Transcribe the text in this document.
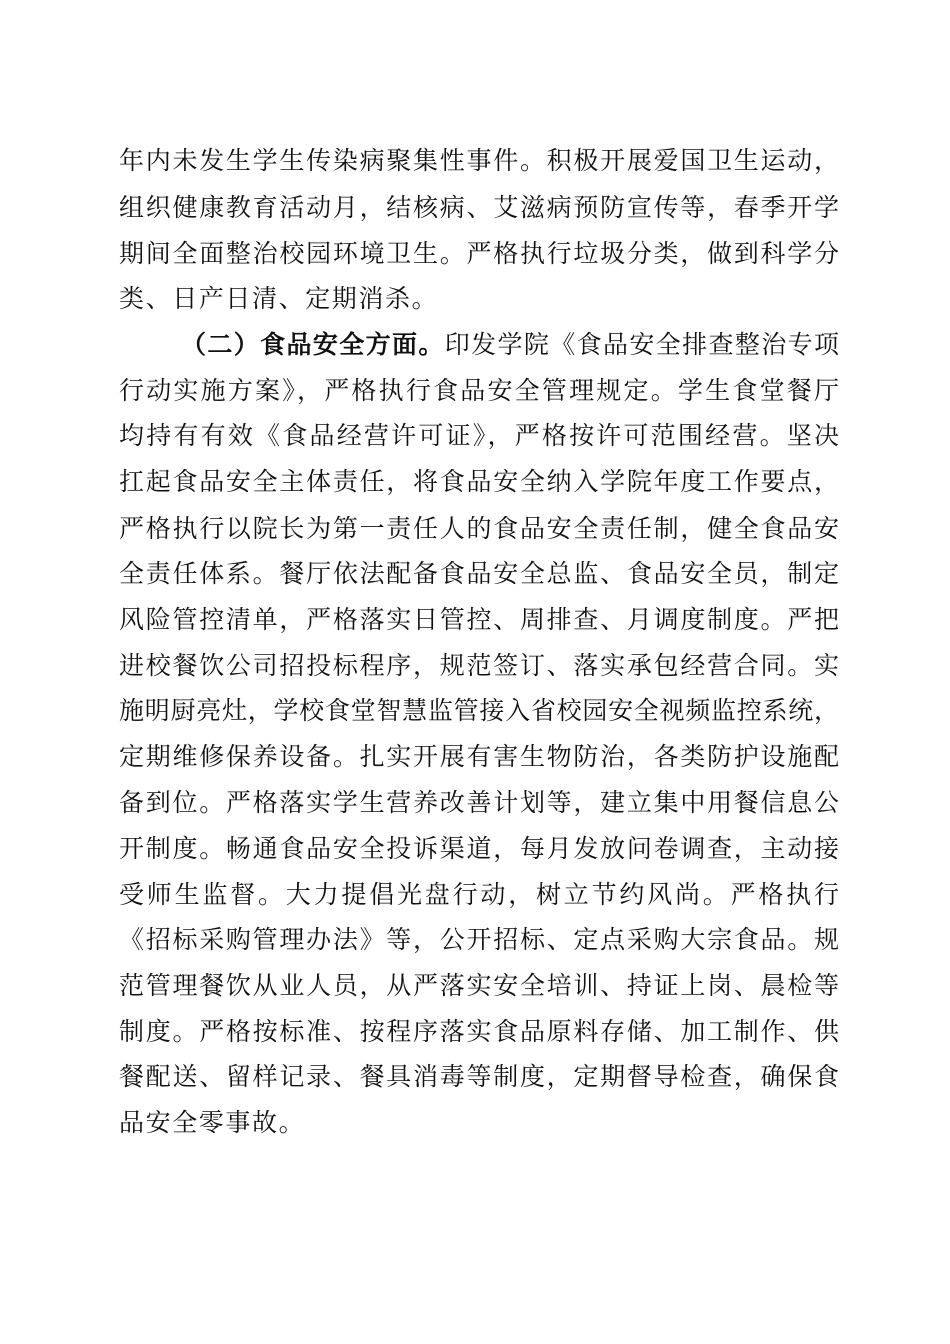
年内未发生学生传染病聚集性事件。积极开展爱国卫生运动，
组织健康教育活动月，结核病、艾滋病预防宣传等，春季开学
期间全面整治校园环境卫生。严格执行垃圾分类，做到科学分
类、日产日清、定期消杀。
（二）食品安全方面。印发学院《食品安全排查整治专项
行动实施方案》，严格执行食品安全管理规定。学生食堂餐厅
均持有有效《食品经营许可证》，严格按许可范围经营。坚决
扛起食品安全主体责任，将食品安全纳入学院年度工作要点，
严格执行以院长为第一责任人的食品安全责任制，健全食品安
全责任体系。餐厅依法配备食品安全总监、食品安全员，制定
风险管控清单，严格落实日管控、周排查、月调度制度。严把
进校餐饮公司招投标程序，规范签订、落实承包经营合同。实
施明厨亮灶，学校食堂智慧监管接入省校园安全视频监控系统，
定期维修保养设备。扎实开展有害生物防治，各类防护设施配
备到位。严格落实学生营养改善计划等，建立集中用餐信息公
开制度。畅通食品安全投诉渠道，每月发放问卷调查，主动接
受师生监督。大力提倡光盘行动，树立节约风尚。严格执行
《招标采购管理办法》等，公开招标、定点采购大宗食品。规
范管理餐饮从业人员，从严落实安全培训、持证上岗、晨检等
制度。严格按标准、按程序落实食品原料存储、加工制作、供
餐配送、留样记录、餐具消毒等制度，定期督导检查，确保食
品安全零事故。
